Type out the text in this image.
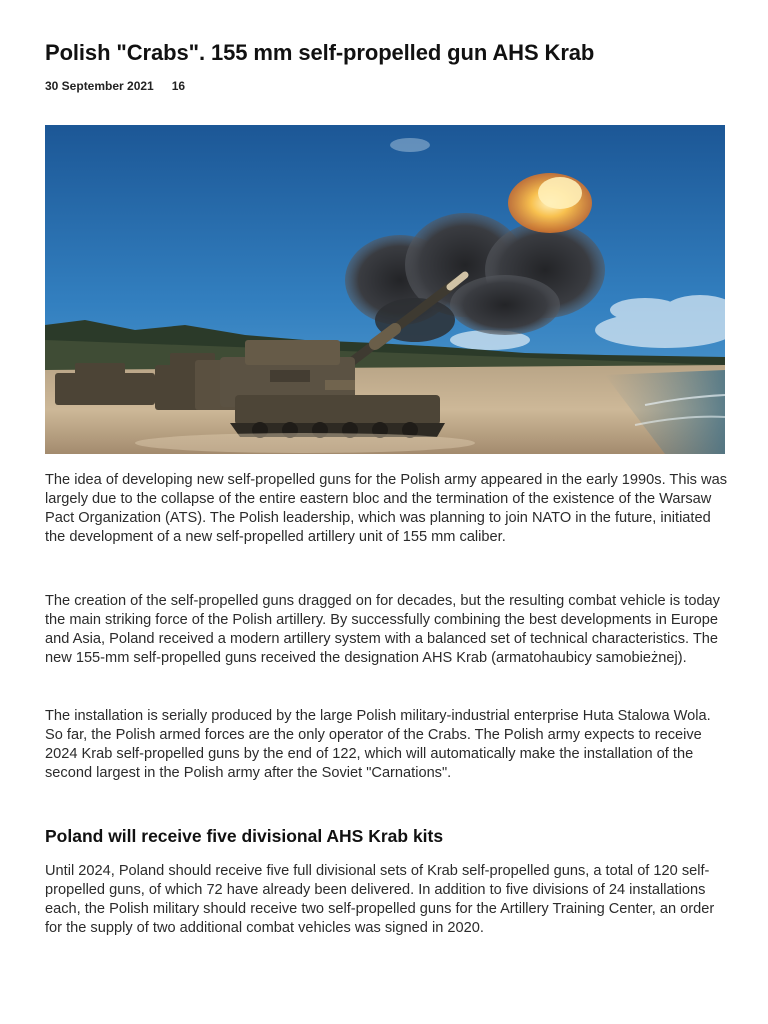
Polish "Crabs". 155 mm self-propelled gun AHS Krab
30 September 2021 16

The idea of developing new self-propelled guns for the Polish army appeared in the early 1990s. This was largely due to the collapse of the entire eastern bloc and the termination of the existence of the Warsaw Pact Organization (ATS). The Polish leadership, which was planning to join NATO in the future, initiated the development of a new self-propelled artillery unit of 155 mm caliber.

The creation of the self-propelled guns dragged on for decades, but the resulting combat vehicle is today the main striking force of the Polish artillery. By successfully combining the best developments in Europe and Asia, Poland received a modern artillery system with a balanced set of technical characteristics. The new 155-mm self-propelled guns received the designation AHS Krab (armatohaubicy samobieżnej).

The installation is serially produced by the large Polish military-industrial enterprise Huta Stalowa Wola. So far, the Polish armed forces are the only operator of the Crabs. The Polish army expects to receive 2024 Krab self-propelled guns by the end of 122, which will automatically make the installation of the second largest in the Polish army after the Soviet "Carnations".

Poland will receive five divisional AHS Krab kits

Until 2024, Poland should receive five full divisional sets of Krab self-propelled guns, a total of 120 self-propelled guns, of which 72 have already been delivered. In addition to five divisions of 24 installations each, the Polish military should receive two self-propelled guns for the Artillery Training Center, an order for the supply of two additional combat vehicles was signed in 2020.
